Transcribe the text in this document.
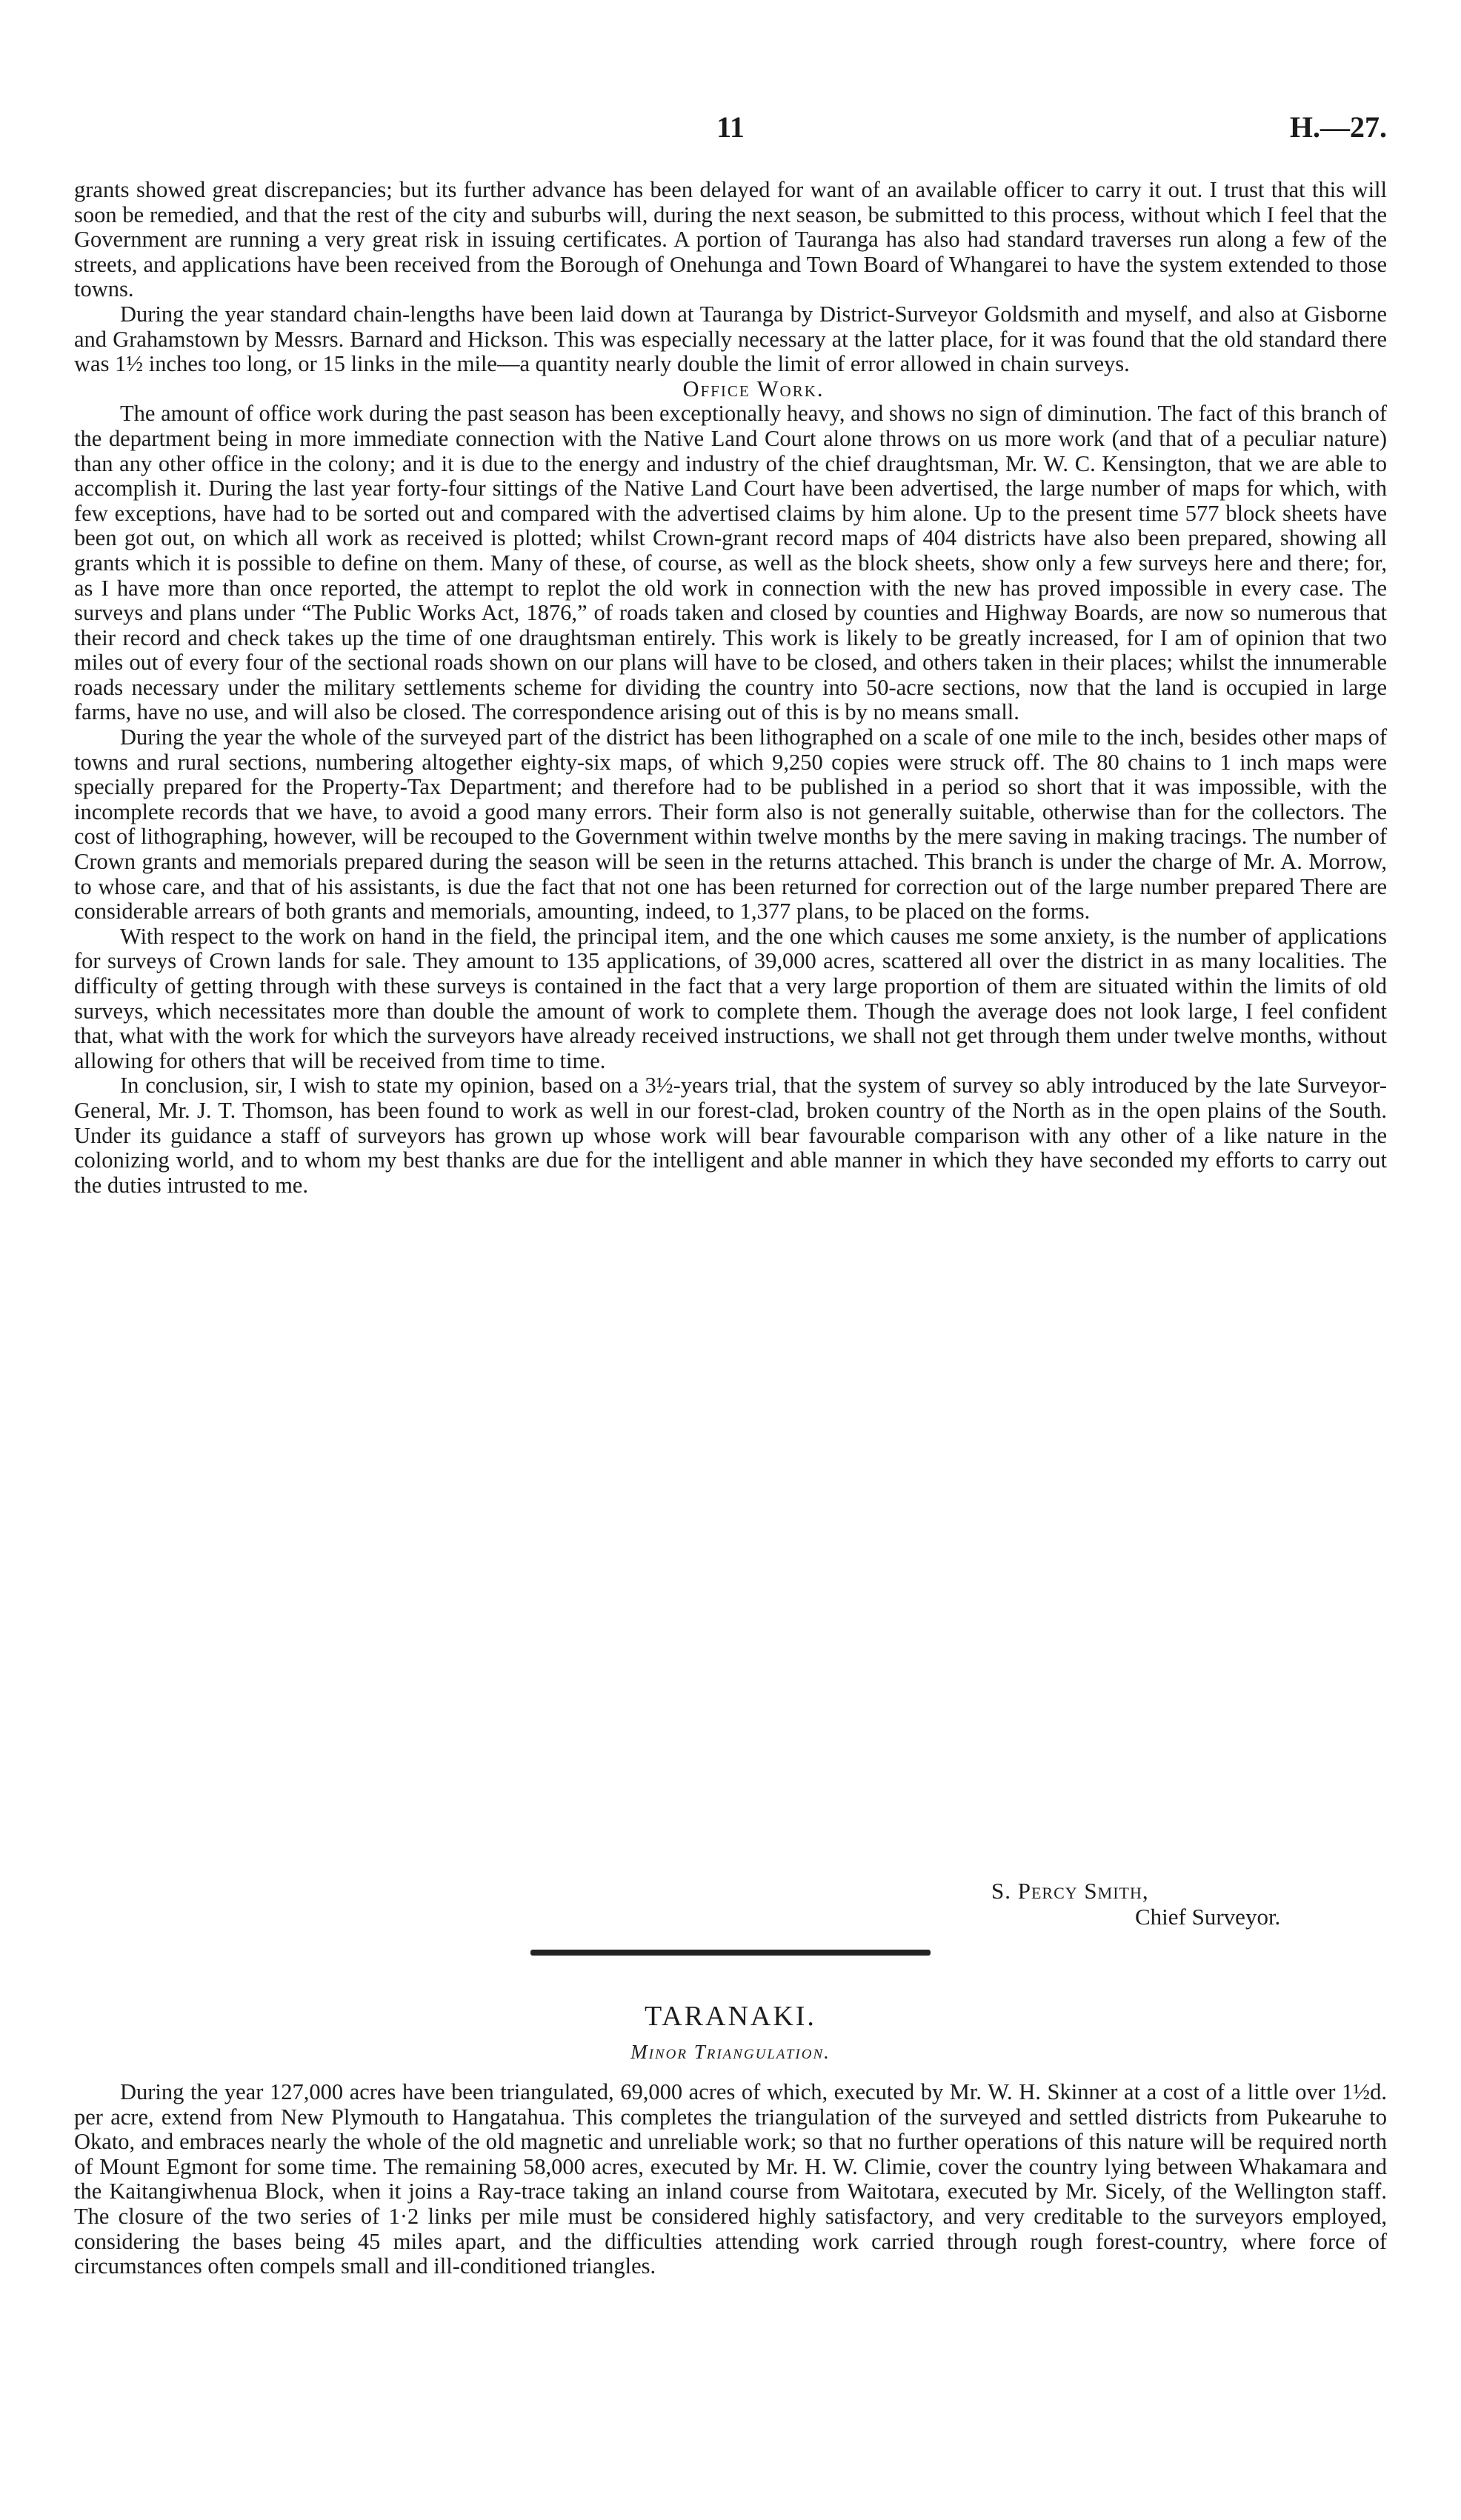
11	H.—27.

grants showed great discrepancies; but its further advance has been delayed for want of an available officer to carry it out. I trust that this will soon be remedied, and that the rest of the city and suburbs will, during the next season, be submitted to this process, without which I feel that the Government are running a very great risk in issuing certificates. A portion of Tauranga has also had standard traverses run along a few of the streets, and applications have been received from the Borough of Onehunga and Town Board of Whangarei to have the system extended to those towns.

During the year standard chain-lengths have been laid down at Tauranga by District-Surveyor Goldsmith and myself, and also at Gisborne and Grahamstown by Messrs. Barnard and Hickson. This was especially necessary at the latter place, for it was found that the old standard there was 1½ inches too long, or 15 links in the mile—a quantity nearly double the limit of error allowed in chain surveys.

Office Work.

The amount of office work during the past season has been exceptionally heavy, and shows no sign of diminution. The fact of this branch of the department being in more immediate connection with the Native Land Court alone throws on us more work (and that of a peculiar nature) than any other office in the colony; and it is due to the energy and industry of the chief draughtsman, Mr. W. C. Kensington, that we are able to accomplish it. During the last year forty-four sittings of the Native Land Court have been advertised, the large number of maps for which, with few exceptions, have had to be sorted out and compared with the advertised claims by him alone. Up to the present time 577 block sheets have been got out, on which all work as received is plotted; whilst Crown-grant record maps of 404 districts have also been prepared, showing all grants which it is possible to define on them. Many of these, of course, as well as the block sheets, show only a few surveys here and there; for, as I have more than once reported, the attempt to replot the old work in connection with the new has proved impossible in every case. The surveys and plans under “The Public Works Act, 1876,” of roads taken and closed by counties and Highway Boards, are now so numerous that their record and check takes up the time of one draughtsman entirely. This work is likely to be greatly increased, for I am of opinion that two miles out of every four of the sectional roads shown on our plans will have to be closed, and others taken in their places; whilst the innumerable roads necessary under the military settlements scheme for dividing the country into 50-acre sections, now that the land is occupied in large farms, have no use, and will also be closed. The correspondence arising out of this is by no means small.

During the year the whole of the surveyed part of the district has been lithographed on a scale of one mile to the inch, besides other maps of towns and rural sections, numbering altogether eighty-six maps, of which 9,250 copies were struck off. The 80 chains to 1 inch maps were specially prepared for the Property-Tax Department; and therefore had to be published in a period so short that it was impossible, with the incomplete records that we have, to avoid a good many errors. Their form also is not generally suitable, otherwise than for the collectors. The cost of lithographing, however, will be recouped to the Government within twelve months by the mere saving in making tracings. The number of Crown grants and memorials prepared during the season will be seen in the returns attached. This branch is under the charge of Mr. A. Morrow, to whose care, and that of his assistants, is due the fact that not one has been returned for correction out of the large number prepared There are considerable arrears of both grants and memorials, amounting, indeed, to 1,377 plans, to be placed on the forms.

With respect to the work on hand in the field, the principal item, and the one which causes me some anxiety, is the number of applications for surveys of Crown lands for sale. They amount to 135 applications, of 39,000 acres, scattered all over the district in as many localities. The difficulty of getting through with these surveys is contained in the fact that a very large proportion of them are situated within the limits of old surveys, which necessitates more than double the amount of work to complete them. Though the average does not look large, I feel confident that, what with the work for which the surveyors have already received instructions, we shall not get through them under twelve months, without allowing for others that will be received from time to time.

In conclusion, sir, I wish to state my opinion, based on a 3½-years trial, that the system of survey so ably introduced by the late Surveyor-General, Mr. J. T. Thomson, has been found to work as well in our forest-clad, broken country of the North as in the open plains of the South. Under its guidance a staff of surveyors has grown up whose work will bear favourable comparison with any other of a like nature in the colonizing world, and to whom my best thanks are due for the intelligent and able manner in which they have seconded my efforts to carry out the duties intrusted to me.

S. Percy Smith,
Chief Surveyor.
TARANAKI.
Minor Triangulation.

During the year 127,000 acres have been triangulated, 69,000 acres of which, executed by Mr. W. H. Skinner at a cost of a little over 1½d. per acre, extend from New Plymouth to Hangatahua. This completes the triangulation of the surveyed and settled districts from Pukearuhe to Okato, and embraces nearly the whole of the old magnetic and unreliable work; so that no further operations of this nature will be required north of Mount Egmont for some time. The remaining 58,000 acres, executed by Mr. H. W. Climie, cover the country lying between Whakamara and the Kaitangiwhenua Block, when it joins a Ray-trace taking an inland course from Waitotara, executed by Mr. Sicely, of the Wellington staff. The closure of the two series of 1·2 links per mile must be considered highly satisfactory, and very creditable to the surveyors employed, considering the bases being 45 miles apart, and the difficulties attending work carried through rough forest-country, where force of circumstances often compels small and ill-conditioned triangles.
